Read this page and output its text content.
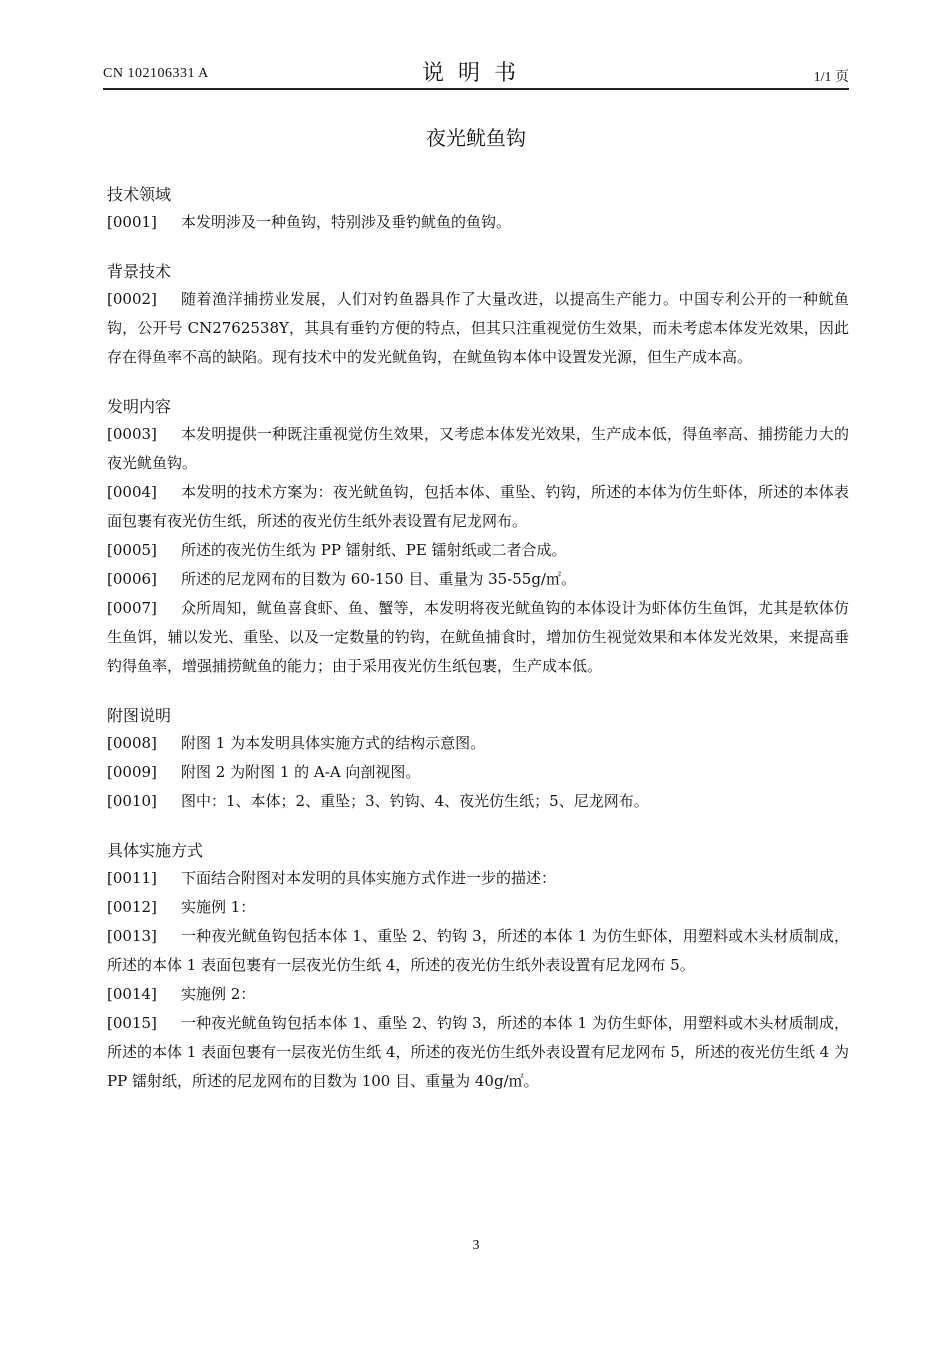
CN 102106331 A	说明书	1/1 页
夜光鱿鱼钩
技术领域
[0001] 本发明涉及一种鱼钩，特别涉及垂钓鱿鱼的鱼钩。
背景技术
[0002] 随着渔洋捕捞业发展，人们对钓鱼器具作了大量改进，以提高生产能力。中国专利公开的一种鱿鱼钩，公开号 CN2762538Y，其具有垂钓方便的特点，但其只注重视觉仿生效果，而未考虑本体发光效果，因此存在得鱼率不高的缺陷。现有技术中的发光鱿鱼钩，在鱿鱼钩本体中设置发光源，但生产成本高。
发明内容
[0003] 本发明提供一种既注重视觉仿生效果，又考虑本体发光效果，生产成本低，得鱼率高、捕捞能力大的夜光鱿鱼钩。
[0004] 本发明的技术方案为：夜光鱿鱼钩，包括本体、重坠、钓钩，所述的本体为仿生虾体，所述的本体表面包裹有夜光仿生纸，所述的夜光仿生纸外表设置有尼龙网布。
[0005] 所述的夜光仿生纸为 PP 镭射纸、PE 镭射纸或二者合成。
[0006] 所述的尼龙网布的目数为 60-150 目、重量为 35-55g/㎡。
[0007] 众所周知，鱿鱼喜食虾、鱼、蟹等，本发明将夜光鱿鱼钩的本体设计为虾体仿生鱼饵，尤其是软体仿生鱼饵，辅以发光、重坠、以及一定数量的钓钩，在鱿鱼捕食时，增加仿生视觉效果和本体发光效果，来提高垂钓得鱼率，增强捕捞鱿鱼的能力；由于采用夜光仿生纸包裹，生产成本低。
附图说明
[0008] 附图 1 为本发明具体实施方式的结构示意图。
[0009] 附图 2 为附图 1 的 A-A 向剖视图。
[0010] 图中：1、本体；2、重坠；3、钓钩、4、夜光仿生纸；5、尼龙网布。
具体实施方式
[0011] 下面结合附图对本发明的具体实施方式作进一步的描述：
[0012] 实施例 1：
[0013] 一种夜光鱿鱼钩包括本体 1、重坠 2、钓钩 3，所述的本体 1 为仿生虾体，用塑料或木头材质制成，所述的本体 1 表面包裹有一层夜光仿生纸 4，所述的夜光仿生纸外表设置有尼龙网布 5。
[0014] 实施例 2：
[0015] 一种夜光鱿鱼钩包括本体 1、重坠 2、钓钩 3，所述的本体 1 为仿生虾体，用塑料或木头材质制成，所述的本体 1 表面包裹有一层夜光仿生纸 4，所述的夜光仿生纸外表设置有尼龙网布 5，所述的夜光仿生纸 4 为 PP 镭射纸，所述的尼龙网布的目数为 100 目、重量为 40g/㎡。
3
